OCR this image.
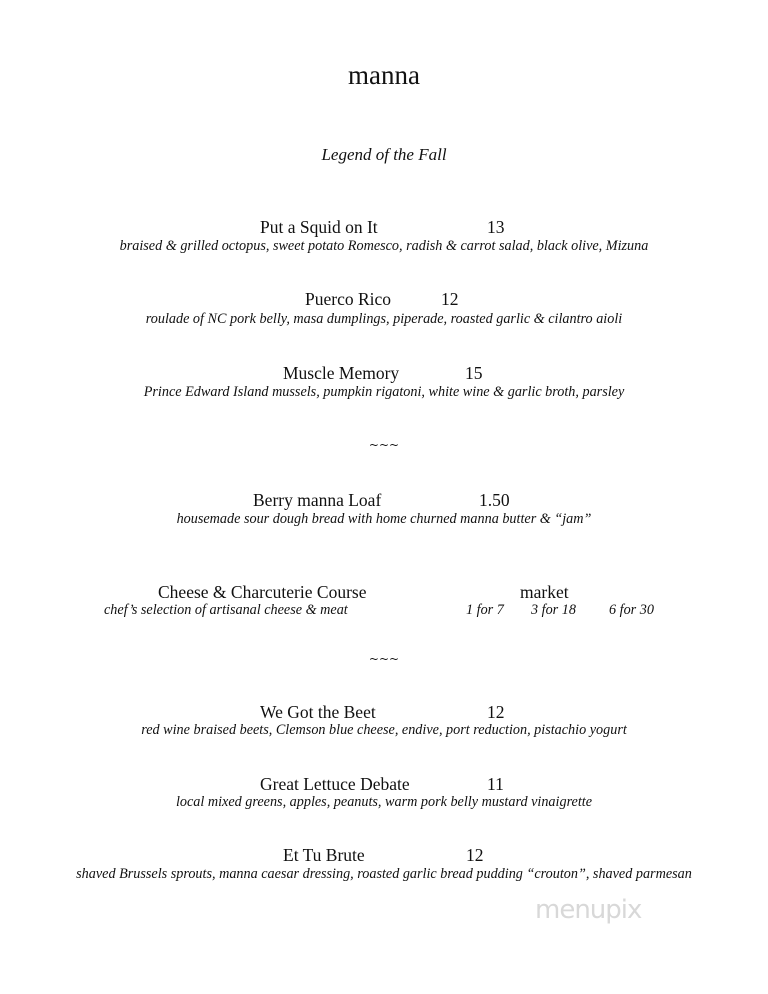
manna
Legend of the Fall
Put a Squid on It	13
braised & grilled octopus, sweet potato Romesco, radish & carrot salad, black olive, Mizuna
Puerco Rico	12
roulade of NC pork belly, masa dumplings, piperade, roasted garlic & cilantro aioli
Muscle Memory	15
Prince Edward Island mussels, pumpkin rigatoni, white wine & garlic broth, parsley
~~~
Berry manna Loaf	1.50
housemade sour dough bread with home churned manna butter & “jam”
Cheese & Charcuterie Course	market
chef’s selection of artisanal cheese & meat	1 for 7 3 for 18 6 for 30
~~~
We Got the Beet	12
red wine braised beets, Clemson blue cheese, endive, port reduction, pistachio yogurt
Great Lettuce Debate	11
local mixed greens, apples, peanuts, warm pork belly mustard vinaigrette
Et Tu Brute	12
shaved Brussels sprouts, manna caesar dressing, roasted garlic bread pudding “crouton”, shaved parmesan
menupix
